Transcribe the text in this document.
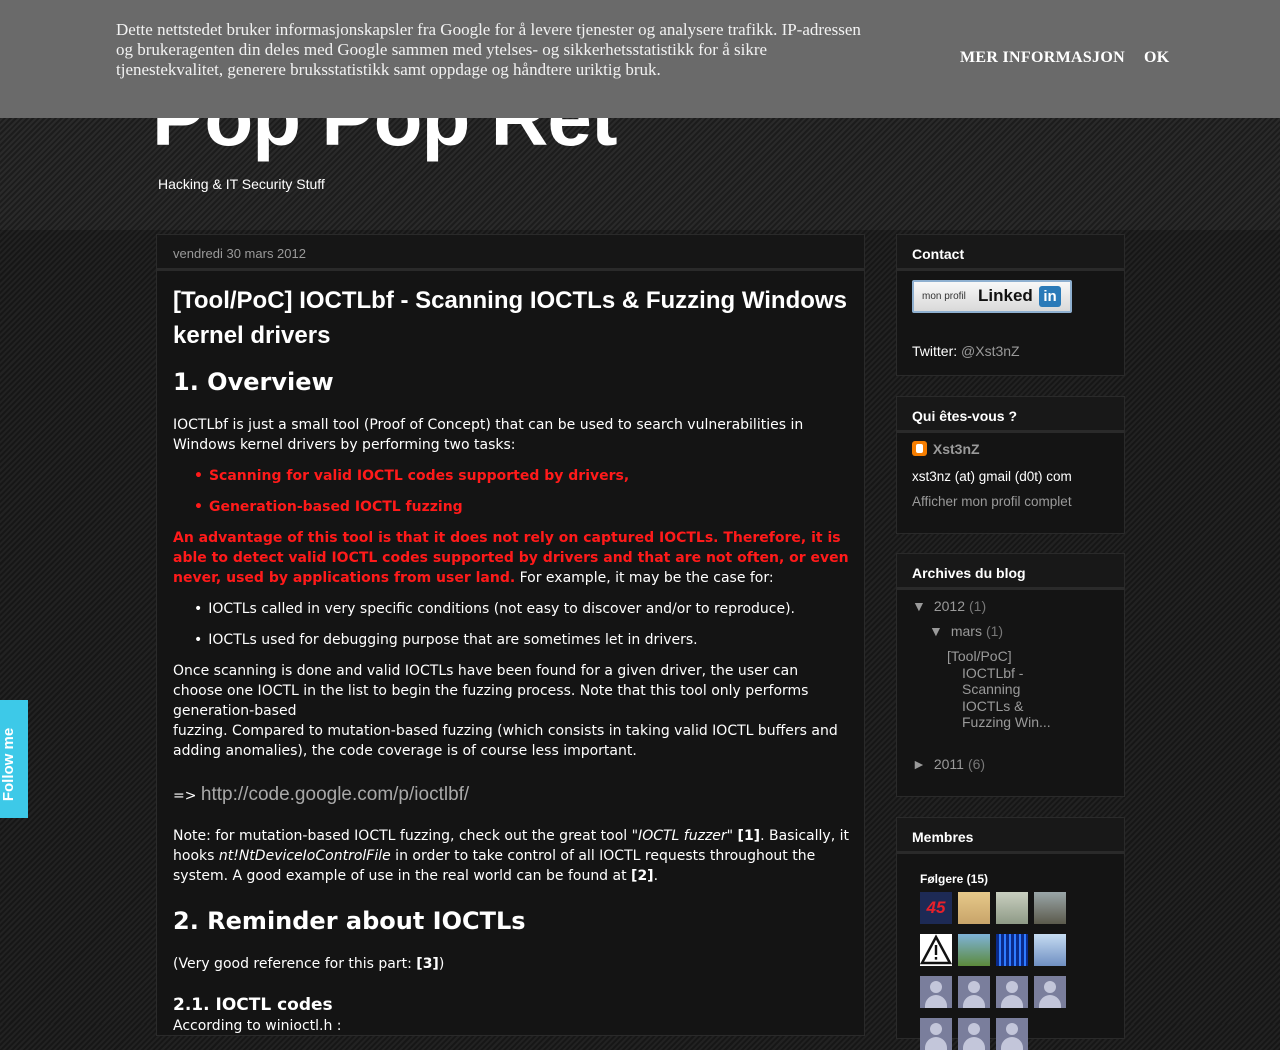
Hacking & IT Security Stuff
Dette nettstedet bruker informasjonskapsler fra Google for å levere tjenester og analysere trafikk. IP-adressen og brukeragenten din deles med Google sammen med ytelses- og sikkerhetsstatistikk for å sikre tjenestekvalitet, generere bruksstatistikk samt oppdage og håndtere uriktig bruk.
MER INFORMASJON OK
vendredi 30 mars 2012
[Tool/PoC] IOCTLbf - Scanning IOCTLs & Fuzzing Windows kernel drivers
1. Overview

IOCTLbf is just a small tool (Proof of Concept) that can be used to search vulnerabilities in Windows kernel drivers by performing two tasks:

• Scanning for valid IOCTL codes supported by drivers,
• Generation-based IOCTL fuzzing

An advantage of this tool is that it does not rely on captured IOCTLs. Therefore, it is able to detect valid IOCTL codes supported by drivers and that are not often, or even never, used by applications from user land. For example, it may be the case for:

• IOCTLs called in very specific conditions (not easy to discover and/or to reproduce).
• IOCTLs used for debugging purpose that are sometimes let in drivers.

Once scanning is done and valid IOCTLs have been found for a given driver, the user can choose one IOCTL in the list to begin the fuzzing process. Note that this tool only performs generation-based

fuzzing. Compared to mutation-based fuzzing (which consists in taking valid IOCTL buffers and adding anomalies), the code coverage is of course less important.

=> http://code.google.com/p/ioctlbf/

Note: for mutation-based IOCTL fuzzing, check out the great tool "IOCTL fuzzer" [1]. Basically, it hooks nt!NtDeviceIoControlFile in order to take control of all IOCTL requests throughout the system. A good example of use in the real world can be found at [2].

2. Reminder about IOCTLs

(Very good reference for this part: [3])

2.1. IOCTL codes

According to winioctl.h :

Contact
mon profil Linked in
Twitter: @Xst3nZ
Qui êtes-vous ?
Xst3nZ
xst3nz (at) gmail (d0t) com
Afficher mon profil complet
Archives du blog
▼ 2012 (1)
▼ mars (1)
[Tool/PoC]
IOCTLbf -
Scanning
IOCTLs &
Fuzzing Win...
► 2011 (6)
Membres
Følgere (15)
45
Follow me
